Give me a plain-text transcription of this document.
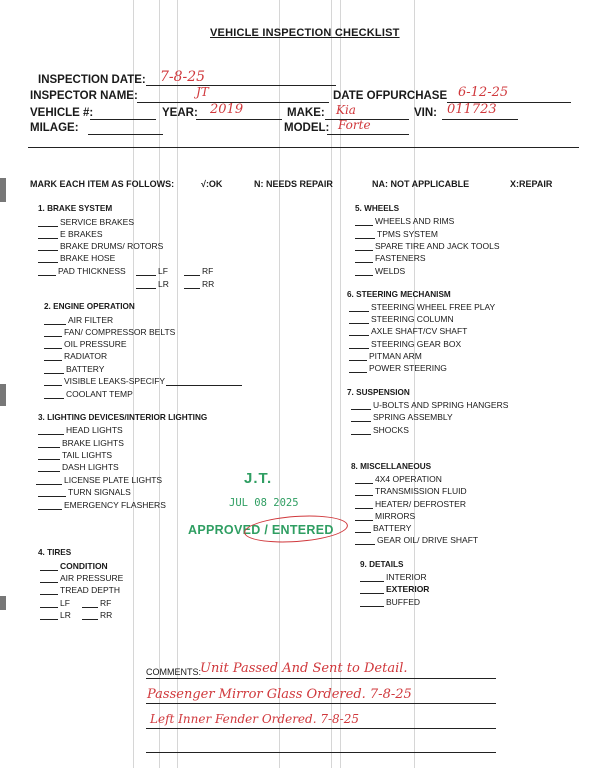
VEHICLE INSPECTION CHECKLIST
INSPECTION DATE: 7-8-25
INSPECTOR NAME:	JT	DATE OFPURCHASE 6-12-25
VEHICLE #:	YEAR: 2019	MAKE: Kia	VIN: 011723
MILAGE:	MODEL: Forte
MARK EACH ITEM AS FOLLOWS:	√:OK	N: NEEDS REPAIR	NA: NOT APPLICABLE	X:REPAIR
1. BRAKE SYSTEM
SERVICE BRAKES
E BRAKES
BRAKE DRUMS/ ROTORS
BRAKE HOSE
PAD THICKNESS	LF	RF
LR	RR
2. ENGINE OPERATION
AIR FILTER
FAN/ COMPRESSOR BELTS
OIL PRESSURE
RADIATOR
BATTERY
VISIBLE LEAKS-SPECIFY
COOLANT TEMP
3. LIGHTING DEVICES/INTERIOR LIGHTING
HEAD LIGHTS
BRAKE LIGHTS
TAIL LIGHTS
DASH LIGHTS
LICENSE PLATE LIGHTS
TURN SIGNALS
EMERGENCY FLASHERS
4. TIRES
CONDITION
AIR PRESSURE
TREAD DEPTH
LF	RF
LR	RR
5. WHEELS
WHEELS AND RIMS
TPMS SYSTEM
SPARE TIRE AND JACK TOOLS
FASTENERS
WELDS
6. STEERING MECHANISM
STEERING WHEEL FREE PLAY
STEERING COLUMN
AXLE SHAFT/CV SHAFT
STEERING GEAR BOX
PITMAN ARM
POWER STEERING
7. SUSPENSION
U-BOLTS AND SPRING HANGERS
SPRING ASSEMBLY
SHOCKS
8. MISCELLANEOUS
4X4 OPERATION
TRANSMISSION FLUID
HEATER/ DEFROSTER
MIRRORS
BATTERY
GEAR OIL/ DRIVE SHAFT
9. DETAILS
INTERIOR
EXTERIOR
BUFFED
J.T.
JUL 08 2025
APPROVED / ENTERED
COMMENTS: Unit Passed And Sent to Detail.
Passenger Mirror Glass Ordered. 7-8-25
Left Inner Fender Ordered. 7-8-25
